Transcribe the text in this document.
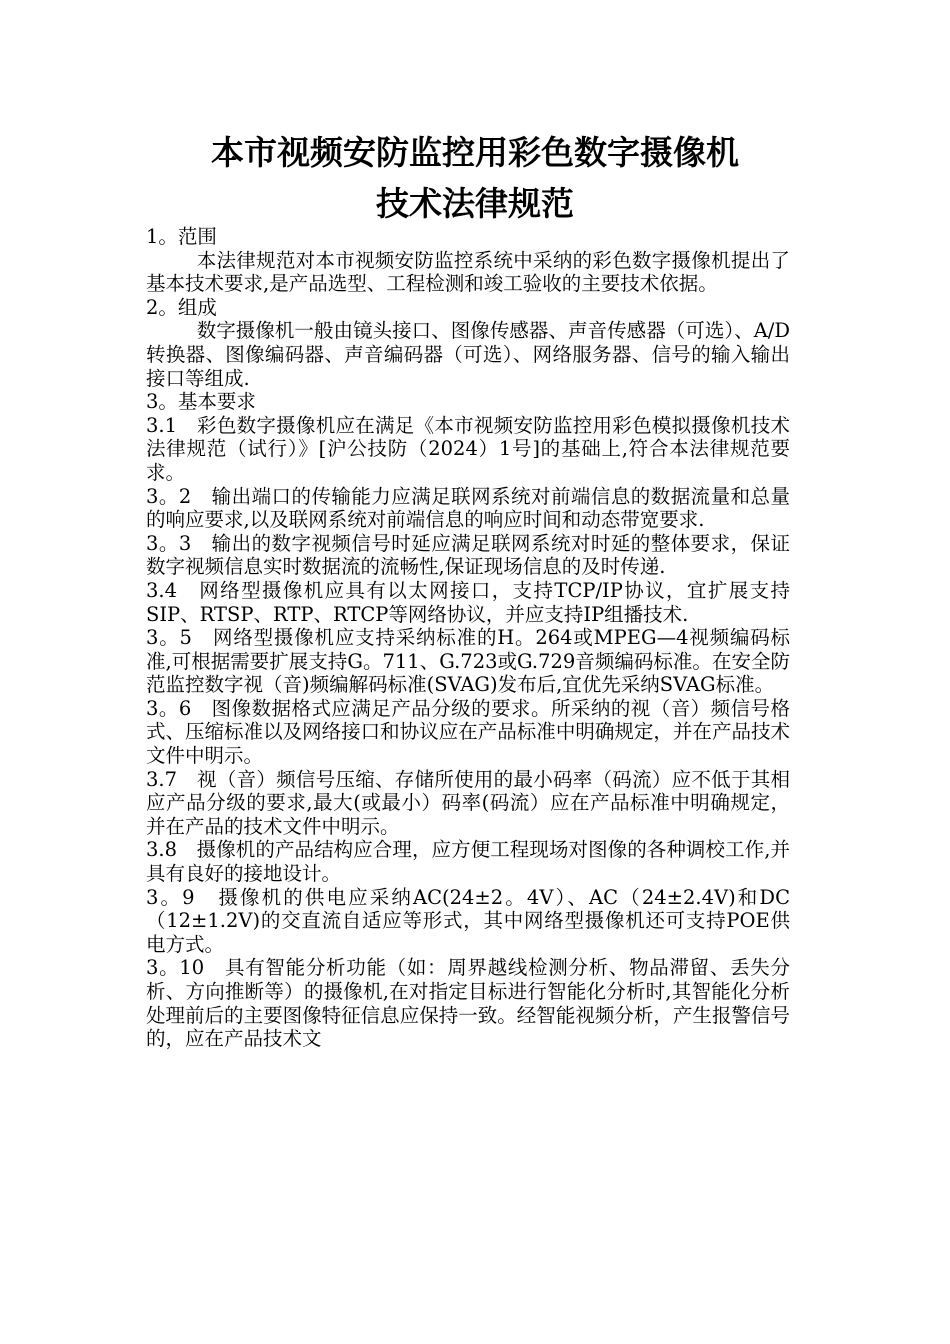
本市视频安防监控用彩色数字摄像机
技术法律规范

1。范围

本法律规范对本市视频安防监控系统中采纳的彩色数字摄像机提出了基本技术要求,是产品选型、工程检测和竣工验收的主要技术依据。

2。组成

数字摄像机一般由镜头接口、图像传感器、声音传感器（可选）、A/D转换器、图像编码器、声音编码器（可选）、网络服务器、信号的输入输出接口等组成.

3。基本要求

3.1　彩色数字摄像机应在满足《本市视频安防监控用彩色模拟摄像机技术法律规范（试行）》[沪公技防（2024）1号]的基础上,符合本法律规范要求。

3。2　输出端口的传输能力应满足联网系统对前端信息的数据流量和总量的响应要求,以及联网系统对前端信息的响应时间和动态带宽要求.

3。3　输出的数字视频信号时延应满足联网系统对时延的整体要求，保证数字视频信息实时数据流的流畅性,保证现场信息的及时传递.

3.4　网络型摄像机应具有以太网接口，支持TCP/IP协议，宜扩展支持SIP、RTSP、RTP、RTCP等网络协议，并应支持IP组播技术.

3。5　网络型摄像机应支持采纳标准的H。264或MPEG—4视频编码标准,可根据需要扩展支持G。711、G.723或G.729音频编码标准。在安全防范监控数字视（音)频编解码标准(SVAG)发布后,宜优先采纳SVAG标准。

3。6　图像数据格式应满足产品分级的要求。所采纳的视（音）频信号格式、压缩标准以及网络接口和协议应在产品标准中明确规定，并在产品技术文件中明示。

3.7　视（音）频信号压缩、存储所使用的最小码率（码流）应不低于其相应产品分级的要求,最大(或最小）码率(码流）应在产品标准中明确规定，并在产品的技术文件中明示。

3.8　摄像机的产品结构应合理，应方便工程现场对图像的各种调校工作,并具有良好的接地设计。

3。9　摄像机的供电应采纳AC(24±2。4V）、AC（24±2.4V)和DC　（12±1.2V)的交直流自适应等形式，其中网络型摄像机还可支持POE供电方式。

3。10　具有智能分析功能（如：周界越线检测分析、物品滞留、丢失分析、方向推断等）的摄像机,在对指定目标进行智能化分析时,其智能化分析处理前后的主要图像特征信息应保持一致。经智能视频分析，产生报警信号的，应在产品技术文
